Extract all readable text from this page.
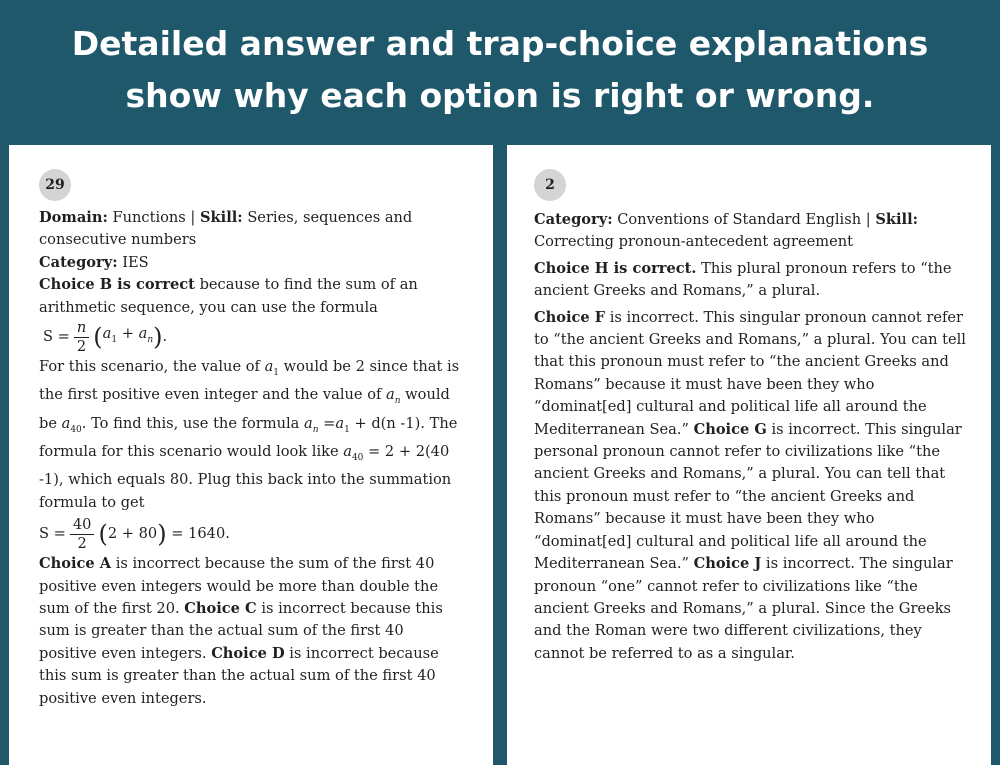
Detailed answer and trap-choice explanations
show why each option is right or wrong.
29

Domain: Functions | Skill: Series, sequences and consecutive numbers

Category: IES

Choice B is correct because to find the sum of an arithmetic sequence, you can use the formula
$S = \frac{n}{2}$ ( $a_1 + a_n$ ) .

For this scenario, the value of $a_1$ would be 2 since that is the first positive even integer and the value of $a_n$ would be $a_{40}$. To find this, use the formula $a_n =a_1 + d(n$ -1). The formula for this scenario would look like $a_{40} = 2 + 2(40$ -1), which equals 80. Plug this back into the summation formula to get

$S = \frac{40}{2}$ ( 2 + 80 )
= 1640.

Choice A is incorrect because the sum of the first 40 positive even integers would be more than double the sum of the first 20. Choice C is incorrect because this sum is greater than the actual sum of the first 40 positive even integers. Choice D is incorrect because this sum is greater than the actual sum of the first 40 positive even integers.

2

Category: Conventions of Standard English | Skill: Correcting pronoun-antecedent agreement

Choice H is correct. This plural pronoun refers to “the ancient Greeks and Romans,” a plural.

Choice F is incorrect. This singular pronoun cannot refer to “the ancient Greeks and Romans,” a plural. You can tell that this pronoun must refer to “the ancient Greeks and Romans” because it must have been they who “dominat[ed] cultural and political life all around the Mediterranean Sea.” Choice G is incorrect. This singular personal pronoun cannot refer to civilizations like “the ancient Greeks and Romans,” a plural. You can tell that this pronoun must refer to “the ancient Greeks and Romans” because it must have been they who “dominat[ed] cultural and political life all around the Mediterranean Sea.” Choice J is incorrect. The singular pronoun “one” cannot refer to civilizations like “the ancient Greeks and Romans,” a plural. Since the Greeks and the Roman were two different civilizations, they cannot be referred to as a singular.
